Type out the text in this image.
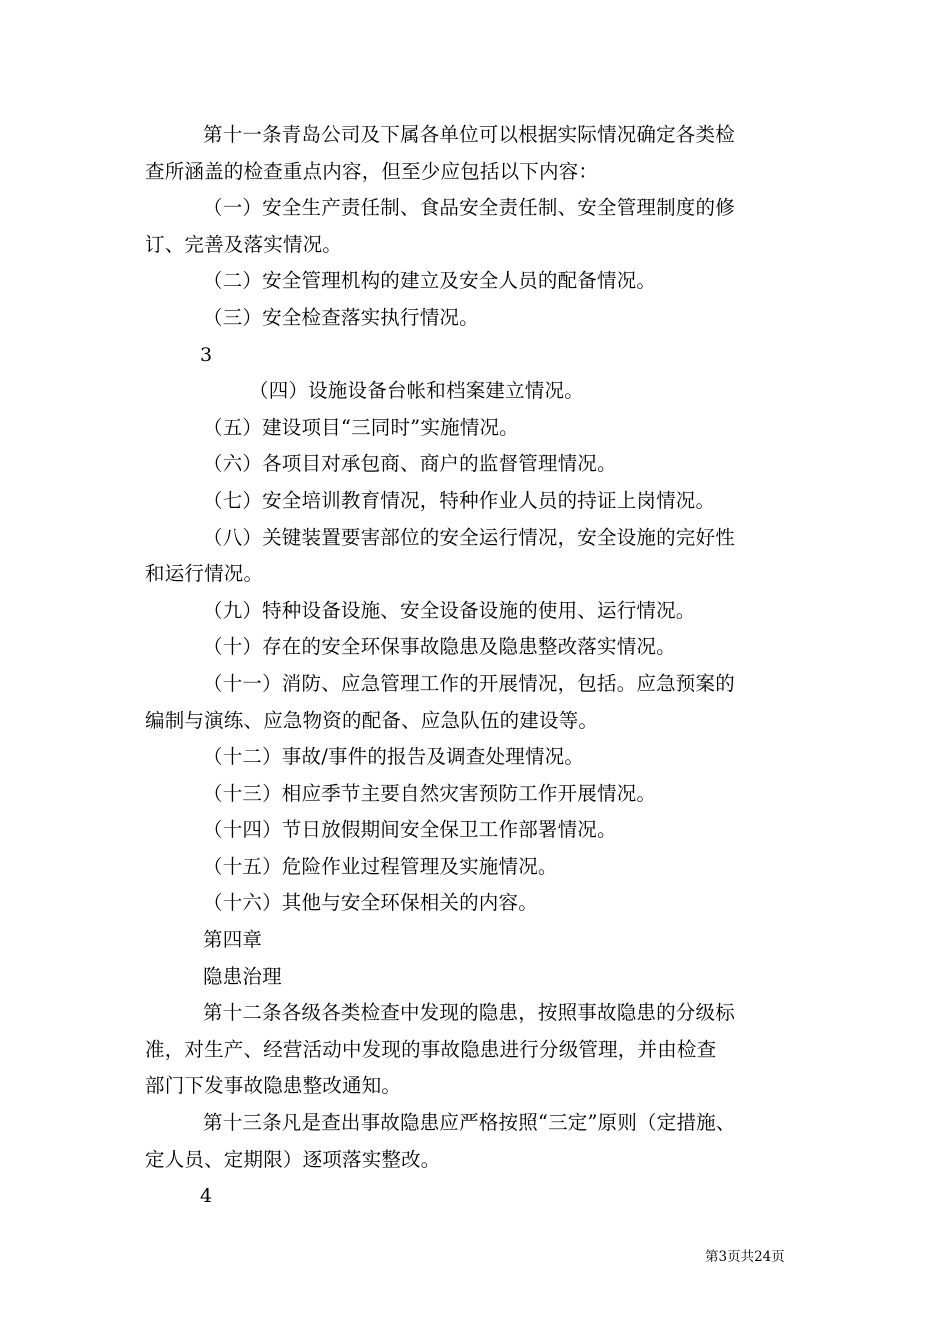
第十一条青岛公司及下属各单位可以根据实际情况确定各类检
查所涵盖的检查重点内容，但至少应包括以下内容：
（一）安全生产责任制、食品安全责任制、安全管理制度的修
订、完善及落实情况。
（二）安全管理机构的建立及安全人员的配备情况。
（三）安全检查落实执行情况。
3
（四）设施设备台帐和档案建立情况。
（五）建设项目“三同时”实施情况。
（六）各项目对承包商、商户的监督管理情况。
（七）安全培训教育情况，特种作业人员的持证上岗情况。
（八）关键装置要害部位的安全运行情况，安全设施的完好性
和运行情况。
（九）特种设备设施、安全设备设施的使用、运行情况。
（十）存在的安全环保事故隐患及隐患整改落实情况。
（十一）消防、应急管理工作的开展情况，包括。应急预案的
编制与演练、应急物资的配备、应急队伍的建设等。
（十二）事故/事件的报告及调查处理情况。
（十三）相应季节主要自然灾害预防工作开展情况。
（十四）节日放假期间安全保卫工作部署情况。
（十五）危险作业过程管理及实施情况。
（十六）其他与安全环保相关的内容。
第四章
隐患治理
第十二条各级各类检查中发现的隐患，按照事故隐患的分级标
准，对生产、经营活动中发现的事故隐患进行分级管理，并由检查
部门下发事故隐患整改通知。
第十三条凡是查出事故隐患应严格按照“三定”原则（定措施、
定人员、定期限）逐项落实整改。
4
第3页共24页
